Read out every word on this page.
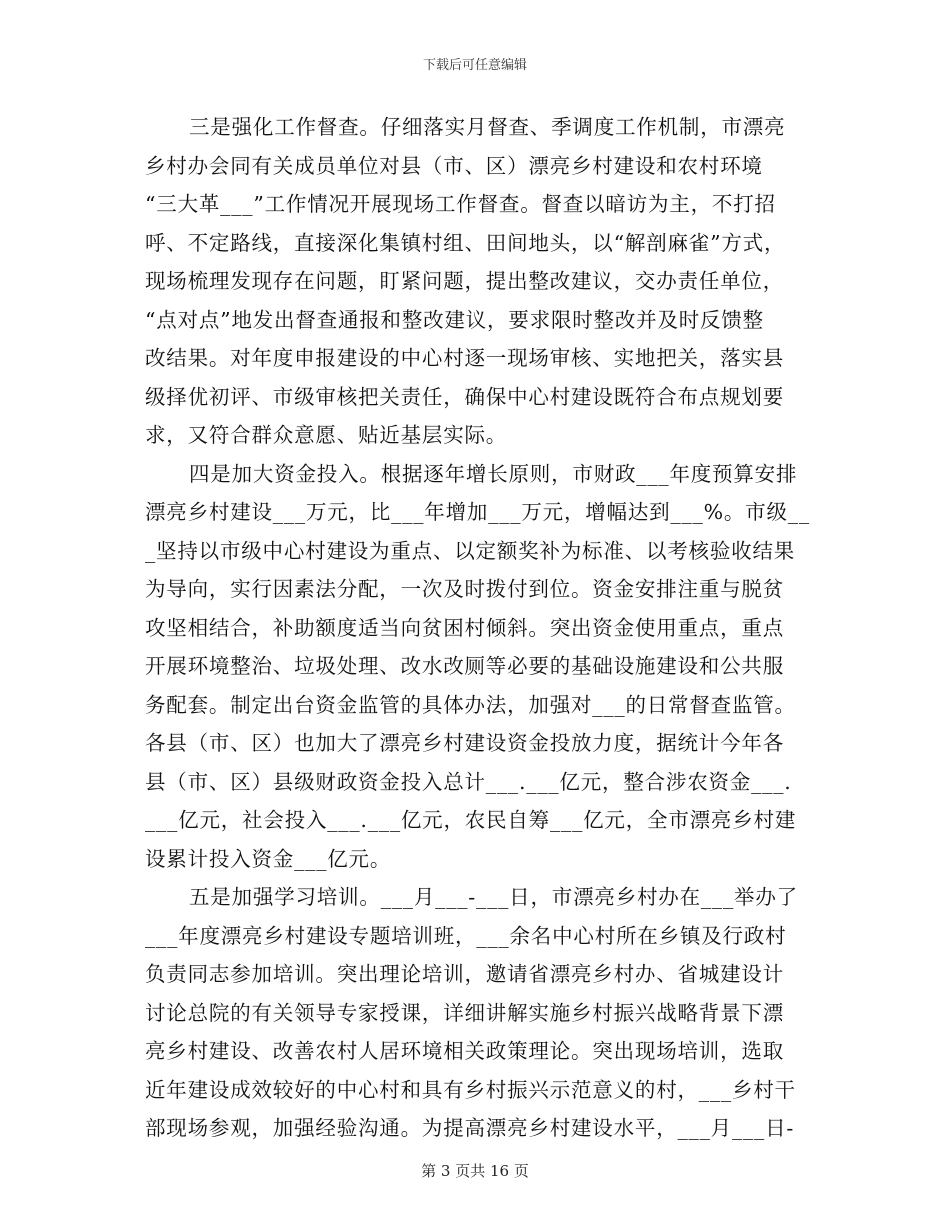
下载后可任意编辑
三是强化工作督查。仔细落实月督查、季调度工作机制，市漂亮
乡村办会同有关成员单位对县（市、区）漂亮乡村建设和农村环境
“三大革___”工作情况开展现场工作督查。督查以暗访为主，不打招
呼、不定路线，直接深化集镇村组、田间地头，以“解剖麻雀”方式，
现场梳理发现存在问题，盯紧问题，提出整改建议，交办责任单位，
“点对点”地发出督查通报和整改建议，要求限时整改并及时反馈整
改结果。对年度申报建设的中心村逐一现场审核、实地把关，落实县
级择优初评、市级审核把关责任，确保中心村建设既符合布点规划要
求，又符合群众意愿、贴近基层实际。
四是加大资金投入。根据逐年增长原则，市财政___年度预算安排
漂亮乡村建设___万元，比___年增加___万元，增幅达到___%。市级__
_坚持以市级中心村建设为重点、以定额奖补为标准、以考核验收结果
为导向，实行因素法分配，一次及时拨付到位。资金安排注重与脱贫
攻坚相结合，补助额度适当向贫困村倾斜。突出资金使用重点，重点
开展环境整治、垃圾处理、改水改厕等必要的基础设施建设和公共服
务配套。制定出台资金监管的具体办法，加强对___的日常督查监管。
各县（市、区）也加大了漂亮乡村建设资金投放力度，据统计今年各
县（市、区）县级财政资金投入总计___.___亿元，整合涉农资金___.
___亿元，社会投入___.___亿元，农民自筹___亿元，全市漂亮乡村建
设累计投入资金___亿元。
五是加强学习培训。___月___-___日，市漂亮乡村办在___举办了
___年度漂亮乡村建设专题培训班，___余名中心村所在乡镇及行政村
负责同志参加培训。突出理论培训，邀请省漂亮乡村办、省城建设计
讨论总院的有关领导专家授课，详细讲解实施乡村振兴战略背景下漂
亮乡村建设、改善农村人居环境相关政策理论。突出现场培训，选取
近年建设成效较好的中心村和具有乡村振兴示范意义的村，___乡村干
部现场参观，加强经验沟通。为提高漂亮乡村建设水平，___月___日-
第 3 页共 16 页
